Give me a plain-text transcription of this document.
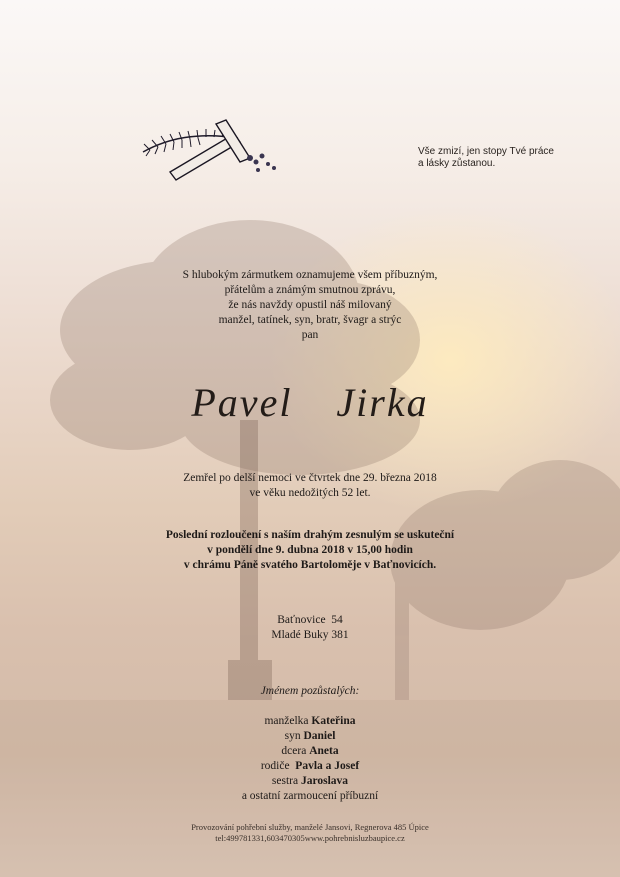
Vše zmizí, jen stopy Tvé práce
a lásky zůstanou.
S hlubokým zármutkem oznamujeme všem příbuzným,
přátelům a známým smutnou zprávu,
že nás navždy opustil náš milovaný
manžel, tatínek, syn, bratr, švagr a strýc
pan
Pavel  Jirka
Zemřel po delší nemoci ve čtvrtek dne 29. března 2018
ve věku nedožitých 52 let.
Poslední rozloučení s naším drahým zesnulým se uskuteční
v pondělí dne 9. dubna 2018 v 15,00 hodin
v chrámu Páně svatého Bartoloměje v Baťnovicích.
Baťnovice  54
Mladé Buky 381
Jménem pozůstalých:
manželka Kateřina
syn Daniel
dcera Aneta
rodiče  Pavla a Josef
sestra Jaroslava
a ostatní zarmoucení příbuzní
Provozování pohřební služby, manželé Jansovi, Regnerova 485 Úpice
tel:499781331,603470305www.pohrebnisluzbaupice.cz
